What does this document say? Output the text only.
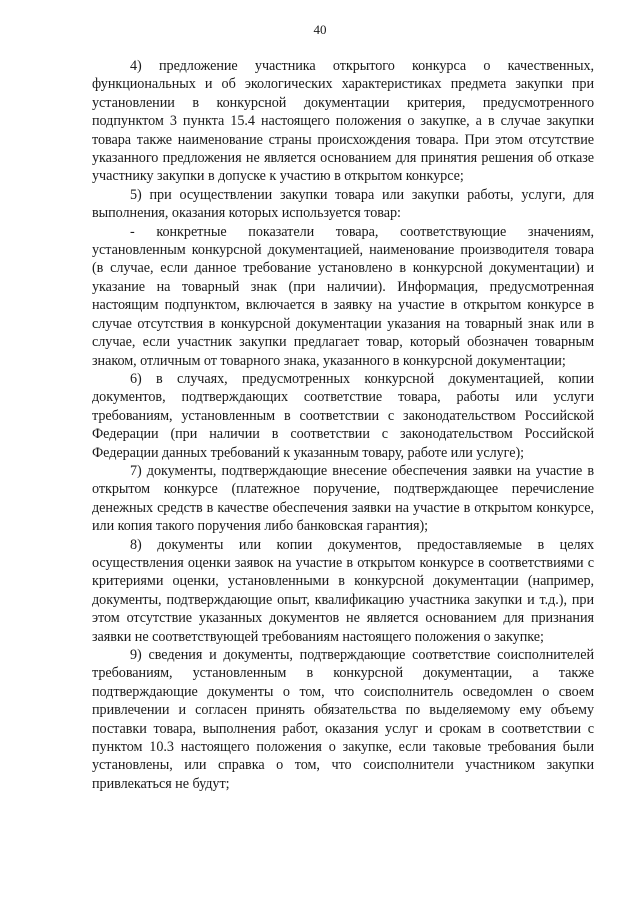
40

4) предложение участника открытого конкурса о качественных, функциональных и об экологических характеристиках предмета закупки при установлении в конкурсной документации критерия, предусмотренного подпунктом 3 пункта 15.4 настоящего положения о закупке, а в случае закупки товара также наименование страны происхождения товара. При этом отсутствие указанного предложения не является основанием для принятия решения об отказе участнику закупки в допуске к участию в открытом конкурсе;

5) при осуществлении закупки товара или закупки работы, услуги, для выполнения, оказания которых используется товар:

- конкретные показатели товара, соответствующие значениям, установленным конкурсной документацией, наименование производителя товара (в случае, если данное требование установлено в конкурсной документации) и указание на товарный знак (при наличии). Информация, предусмотренная настоящим подпунктом, включается в заявку на участие в открытом конкурсе в случае отсутствия в конкурсной документации указания на товарный знак или в случае, если участник закупки предлагает товар, который обозначен товарным знаком, отличным от товарного знака, указанного в конкурсной документации;

6) в случаях, предусмотренных конкурсной документацией, копии документов, подтверждающих соответствие товара, работы или услуги требованиям, установленным в соответствии с законодательством Российской Федерации (при наличии в соответствии с законодательством Российской Федерации данных требований к указанным товару, работе или услуге);

7) документы, подтверждающие внесение обеспечения заявки на участие в открытом конкурсе (платежное поручение, подтверждающее перечисление денежных средств в качестве обеспечения заявки на участие в открытом конкурсе, или копия такого поручения либо банковская гарантия);

8) документы или копии документов, предоставляемые в целях осуществления оценки заявок на участие в открытом конкурсе в соответствиями с критериями оценки, установленными в конкурсной документации (например, документы, подтверждающие опыт, квалификацию участника закупки и т.д.), при этом отсутствие указанных документов не является основанием для признания заявки не соответствующей требованиям настоящего положения о закупке;

9) сведения и документы, подтверждающие соответствие соисполнителей требованиям, установленным в конкурсной документации, а также подтверждающие документы о том, что соисполнитель осведомлен о своем привлечении и согласен принять обязательства по выделяемому ему объему поставки товара, выполнения работ, оказания услуг и срокам в соответствии с пунктом 10.3 настоящего положения о закупке, если таковые требования были установлены, или справка о том, что соисполнители участником закупки привлекаться не будут;
